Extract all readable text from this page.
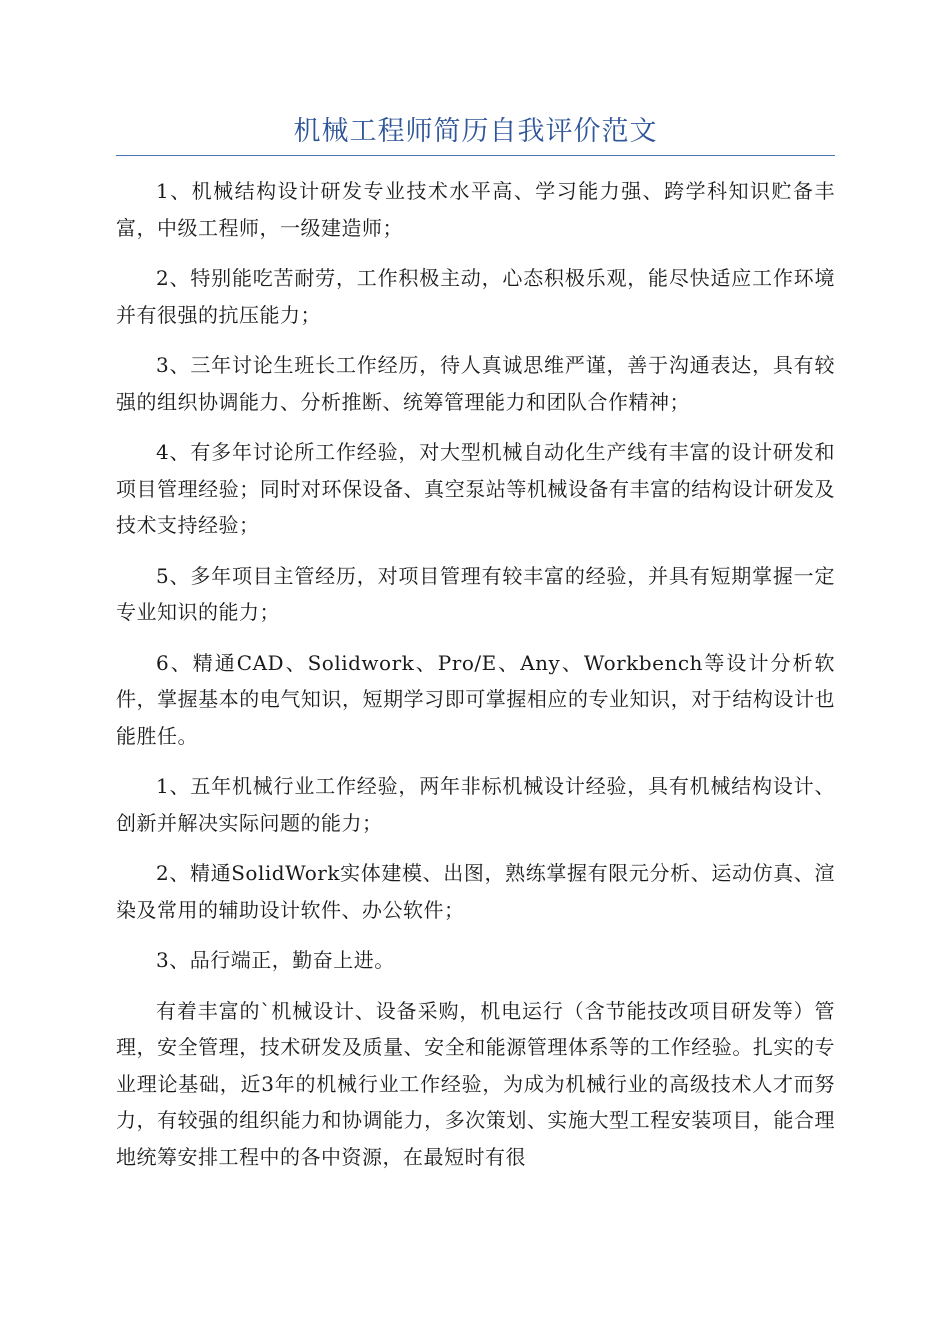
机械工程师简历自我评价范文

1、机械结构设计研发专业技术水平高、学习能力强、跨学科知识贮备丰富，中级工程师，一级建造师；

2、特别能吃苦耐劳，工作积极主动，心态积极乐观，能尽快适应工作环境并有很强的抗压能力；

3、三年讨论生班长工作经历，待人真诚思维严谨，善于沟通表达，具有较强的组织协调能力、分析推断、统筹管理能力和团队合作精神；

4、有多年讨论所工作经验，对大型机械自动化生产线有丰富的设计研发和项目管理经验；同时对环保设备、真空泵站等机械设备有丰富的结构设计研发及技术支持经验；

5、多年项目主管经历，对项目管理有较丰富的经验，并具有短期掌握一定专业知识的能力；

6、精通CAD、Solidwork、Pro/E、Any、Workbench等设计分析软件，掌握基本的电气知识，短期学习即可掌握相应的专业知识，对于结构设计也能胜任。

1、五年机械行业工作经验，两年非标机械设计经验，具有机械结构设计、创新并解决实际问题的能力；

2、精通SolidWork实体建模、出图，熟练掌握有限元分析、运动仿真、渲染及常用的辅助设计软件、办公软件；

3、品行端正，勤奋上进。

有着丰富的`机械设计、设备采购，机电运行（含节能技改项目研发等）管理，安全管理，技术研发及质量、安全和能源管理体系等的工作经验。扎实的专业理论基础，近3年的机械行业工作经验，为成为机械行业的高级技术人才而努力，有较强的组织能力和协调能力，多次策划、实施大型工程安装项目，能合理地统筹安排工程中的各中资源，在最短时有很
